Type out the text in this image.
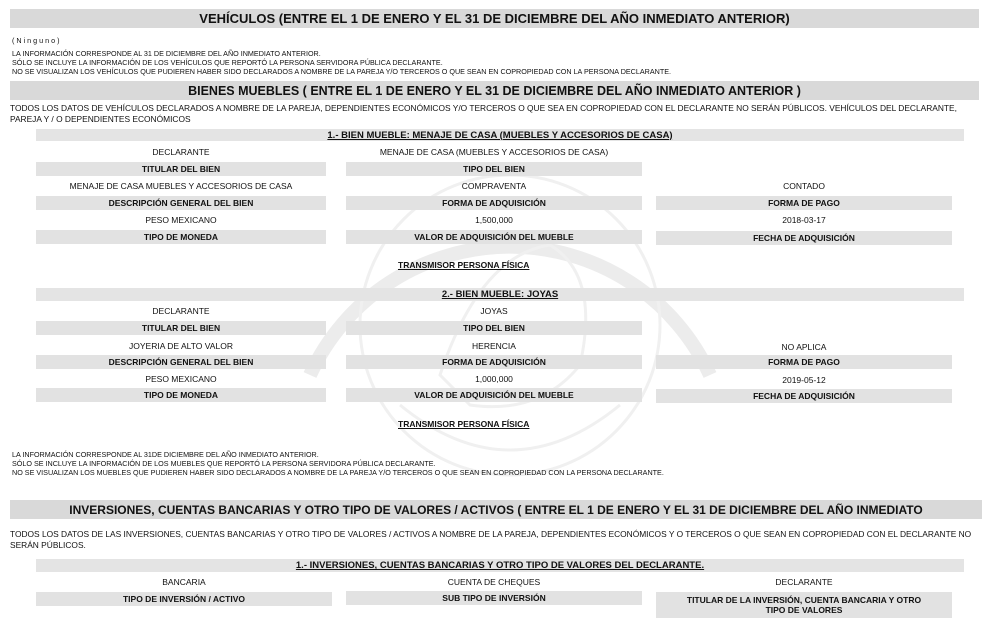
VEHÍCULOS (ENTRE EL 1 DE ENERO Y EL 31 DE DICIEMBRE DEL AÑO INMEDIATO ANTERIOR)
( N i n g u n o )
LA INFORMACIÓN CORRESPONDE AL 31 DE DICIEMBRE DEL AÑO INMEDIATO ANTERIOR.
SÓLO SE INCLUYE LA INFORMACIÓN DE LOS VEHÍCULOS QUE REPORTÓ LA PERSONA SERVIDORA PÚBLICA DECLARANTE.
NO SE VISUALIZAN LOS VEHÍCULOS QUE PUDIEREN HABER SIDO DECLARADOS A NOMBRE DE LA PAREJA Y/O TERCEROS O QUE SEAN EN COPROPIEDAD CON LA PERSONA DECLARANTE.
BIENES MUEBLES ( ENTRE EL 1 DE ENERO Y EL 31 DE DICIEMBRE DEL AÑO INMEDIATO ANTERIOR )
TODOS LOS DATOS DE VEHÍCULOS DECLARADOS A NOMBRE DE LA PAREJA, DEPENDIENTES ECONÓMICOS Y/O TERCEROS O QUE SEA EN COPROPIEDAD CON EL DECLARANTE NO SERÁN PÚBLICOS. VEHÍCULOS DEL DECLARANTE, PAREJA Y / O DEPENDIENTES ECONÓMICOS
1.- BIEN MUEBLE: MENAJE DE CASA (MUEBLES Y ACCESORIOS DE CASA)
DECLARANTE	MENAJE DE CASA (MUEBLES Y ACCESORIOS DE CASA)
TITULAR DEL BIEN	TIPO DEL BIEN
MENAJE DE CASA MUEBLES Y ACCESORIOS DE CASA	COMPRAVENTA	CONTADO
DESCRIPCIÓN GENERAL DEL BIEN	FORMA DE ADQUISICIÓN	FORMA DE PAGO
PESO MEXICANO	1,500,000	2018-03-17
TIPO DE MONEDA	VALOR DE ADQUISICIÓN DEL MUEBLE	FECHA DE ADQUISICIÓN
TRANSMISOR PERSONA FÍSICA
2.- BIEN MUEBLE: JOYAS
DECLARANTE	JOYAS
TITULAR DEL BIEN	TIPO DEL BIEN
JOYERIA DE ALTO VALOR	HERENCIA	NO APLICA
DESCRIPCIÓN GENERAL DEL BIEN	FORMA DE ADQUISICIÓN	FORMA DE PAGO
PESO MEXICANO	1,000,000	2019-05-12
TIPO DE MONEDA	VALOR DE ADQUISICIÓN DEL MUEBLE	FECHA DE ADQUISICIÓN
TRANSMISOR PERSONA FÍSICA
LA INFORMACIÓN CORRESPONDE AL 31DE DICIEMBRE DEL AÑO INMEDIATO ANTERIOR.
SÓLO SE INCLUYE LA INFORMACIÓN DE LOS MUEBLES QUE REPORTÓ LA PERSONA SERVIDORA PÚBLICA DECLARANTE.
NO SE VISUALIZAN LOS MUEBLES QUE PUDIEREN HABER SIDO DECLARADOS A NOMBRE DE LA PAREJA Y/O TERCEROS O QUE SEAN EN COPROPIEDAD CON LA PERSONA DECLARANTE.
INVERSIONES, CUENTAS BANCARIAS Y OTRO TIPO DE VALORES / ACTIVOS ( ENTRE EL 1 DE ENERO Y EL 31 DE DICIEMBRE DEL AÑO INMEDIATO
TODOS LOS DATOS DE LAS INVERSIONES, CUENTAS BANCARIAS Y OTRO TIPO DE VALORES / ACTIVOS A NOMBRE DE LA PAREJA, DEPENDIENTES ECONÓMICOS Y O TERCEROS O QUE SEAN EN COPROPIEDAD CON EL DECLARANTE NO SERÁN PÚBLICOS.
1.- INVERSIONES, CUENTAS BANCARIAS Y OTRO TIPO DE VALORES DEL DECLARANTE.
BANCARIA	CUENTA DE CHEQUES	DECLARANTE
TIPO DE INVERSIÓN / ACTIVO	SUB TIPO DE INVERSIÓN	TITULAR DE LA INVERSIÓN, CUENTA BANCARIA Y OTRO TIPO DE VALORES
